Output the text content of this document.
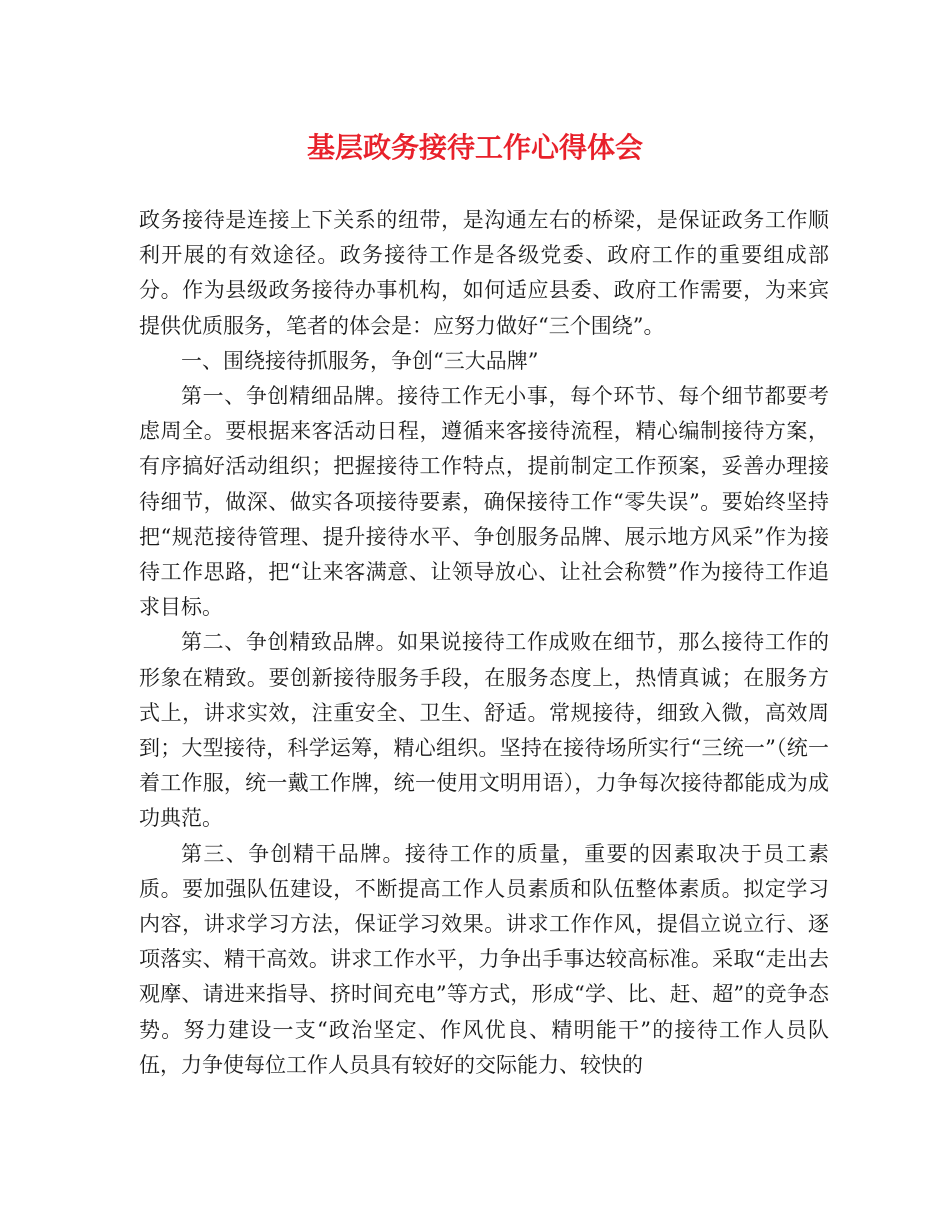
基层政务接待工作心得体会

政务接待是连接上下关系的纽带，是沟通左右的桥梁，是保证政务工作顺利开展的有效途径。政务接待工作是各级党委、政府工作的重要组成部分。作为县级政务接待办事机构，如何适应县委、政府工作需要，为来宾提供优质服务，笔者的体会是：应努力做好“三个围绕”。

一、围绕接待抓服务，争创“三大品牌”

第一、争创精细品牌。接待工作无小事，每个环节、每个细节都要考虑周全。要根据来客活动日程，遵循来客接待流程，精心编制接待方案，有序搞好活动组织；把握接待工作特点，提前制定工作预案，妥善办理接待细节，做深、做实各项接待要素，确保接待工作“零失误”。要始终坚持把“规范接待管理、提升接待水平、争创服务品牌、展示地方风采”作为接待工作思路，把“让来客满意、让领导放心、让社会称赞”作为接待工作追求目标。

第二、争创精致品牌。如果说接待工作成败在细节，那么接待工作的形象在精致。要创新接待服务手段，在服务态度上，热情真诚；在服务方式上，讲求实效，注重安全、卫生、舒适。常规接待，细致入微，高效周到；大型接待，科学运筹，精心组织。坚持在接待场所实行“三统一”（统一着工作服，统一戴工作牌，统一使用文明用语），力争每次接待都能成为成功典范。

第三、争创精干品牌。接待工作的质量，重要的因素取决于员工素质。要加强队伍建设，不断提高工作人员素质和队伍整体素质。拟定学习内容，讲求学习方法，保证学习效果。讲求工作作风，提倡立说立行、逐项落实、精干高效。讲求工作水平，力争出手事达较高标准。采取“走出去观摩、请进来指导、挤时间充电”等方式，形成“学、比、赶、超”的竞争态势。努力建设一支“政治坚定、作风优良、精明能干”的接待工作人员队伍，力争使每位工作人员具有较好的交际能力、较快的
